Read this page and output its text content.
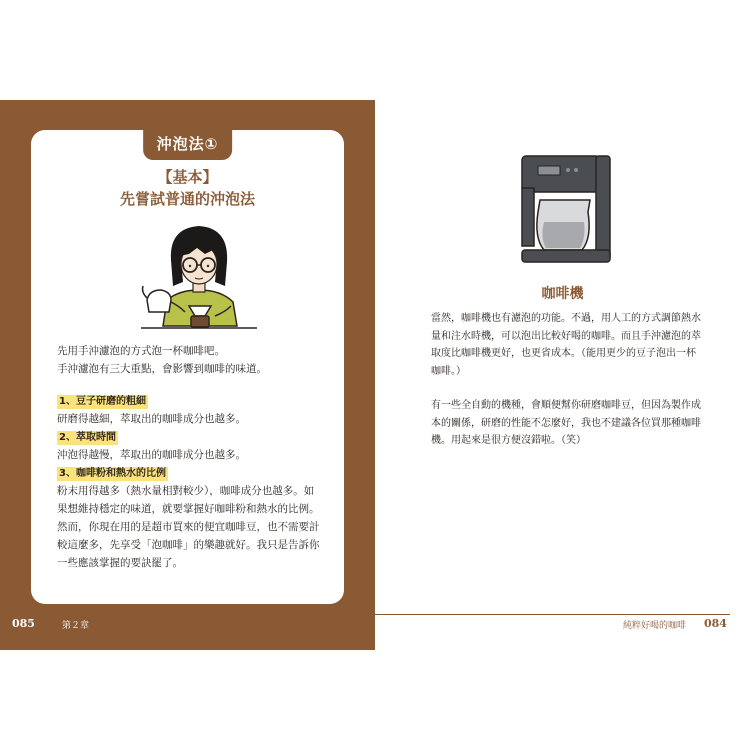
沖泡法①
【基本】
先嘗試普通的沖泡法

先用手沖濾泡的方式泡一杯咖啡吧。

手沖濾泡有三大重點，會影響到咖啡的味道。

1、豆子研磨的粗細

研磨得越細，萃取出的咖啡成分也越多。

2、萃取時間

沖泡得越慢，萃取出的咖啡成分也越多。

3、咖啡粉和熱水的比例

粉末用得越多（熱水量相對較少），咖啡成分也越多。如

果想維持穩定的味道，就要掌握好咖啡粉和熱水的比例。

然而，你現在用的是超市買來的便宜咖啡豆，也不需要計

較這麼多，先享受「泡咖啡」的樂趣就好。我只是告訴你

一些應該掌握的要訣罷了。

085	第２章
咖啡機

當然，咖啡機也有濾泡的功能。不過，用人工的方式調節熱水

量和注水時機，可以泡出比較好喝的咖啡。而且手沖濾泡的萃

取度比咖啡機更好，也更省成本。（能用更少的豆子泡出一杯

咖啡。）

有一些全自動的機種，會順便幫你研磨咖啡豆，但因為製作成

本的關係，研磨的性能不怎麼好，我也不建議各位買那種咖啡

機。用起來是很方便沒錯啦。（笑）

純粹好喝的咖啡 084
